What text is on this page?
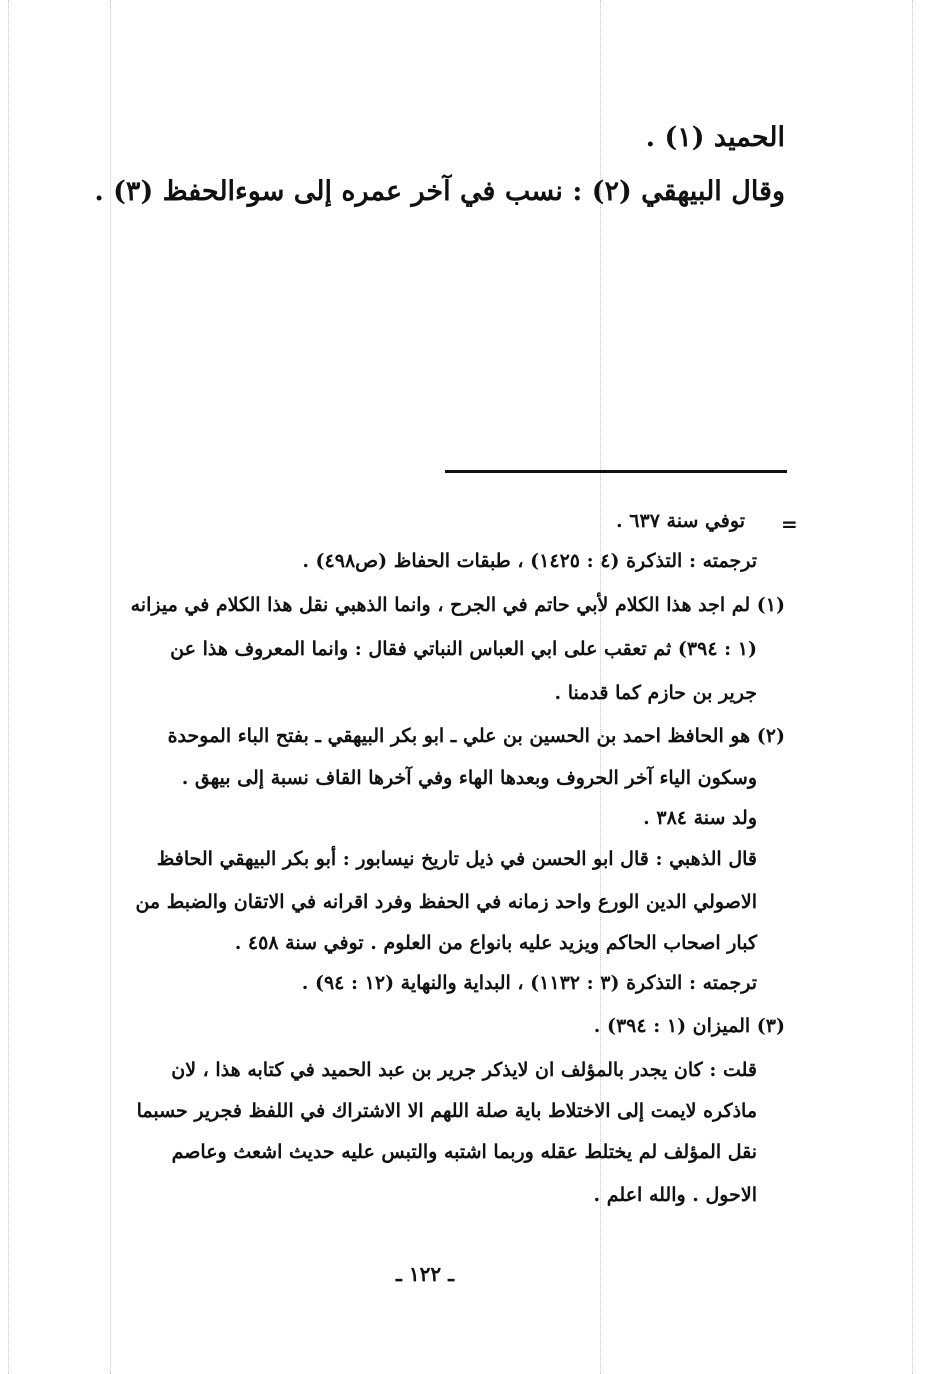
الحميد (١) .
وقال البيهقي (٢) : نسب في آخر عمره إلى سوءالحفظ (٣) .
=
توفي سنة ٦٣٧ .
ترجمته : التذكرة (٤ : ١٤٢٥) ، طبقات الحفاظ (ص٤٩٨) .
(١) لم اجد هذا الكلام لأبي حاتم في الجرح ، وانما الذهبي نقل هذا الكلام في ميزانه
(١ : ٣٩٤) ثم تعقب على ابي العباس النباتي فقال : وانما المعروف هذا عن
جرير بن حازم كما قدمنا .
(٢) هو الحافظ احمد بن الحسين بن علي ـ ابو بكر البيهقي ـ بفتح الباء الموحدة
وسكون الياء آخر الحروف وبعدها الهاء وفي آخرها القاف نسبة إلى بيهق .
ولد سنة ٣٨٤ .
قال الذهبي : قال ابو الحسن في ذيل تاريخ نيسابور : أبو بكر البيهقي الحافظ
الاصولي الدين الورع واحد زمانه في الحفظ وفرد اقرانه في الاتقان والضبط من
كبار اصحاب الحاكم ويزيد عليه بانواع من العلوم . توفي سنة ٤٥٨ .
ترجمته : التذكرة (٣ : ١١٣٢) ، البداية والنهاية (١٢ : ٩٤) .
(٣) الميزان (١ : ٣٩٤) .
قلت : كان يجدر بالمؤلف ان لايذكر جرير بن عبد الحميد في كتابه هذا ، لان
ماذكره لايمت إلى الاختلاط باية صلة اللهم الا الاشتراك في اللفظ فجرير حسبما
نقل المؤلف لم يختلط عقله وربما اشتبه والتبس عليه حديث اشعث وعاصم
الاحول . والله اعلم .
ـ ١٢٢ ـ
